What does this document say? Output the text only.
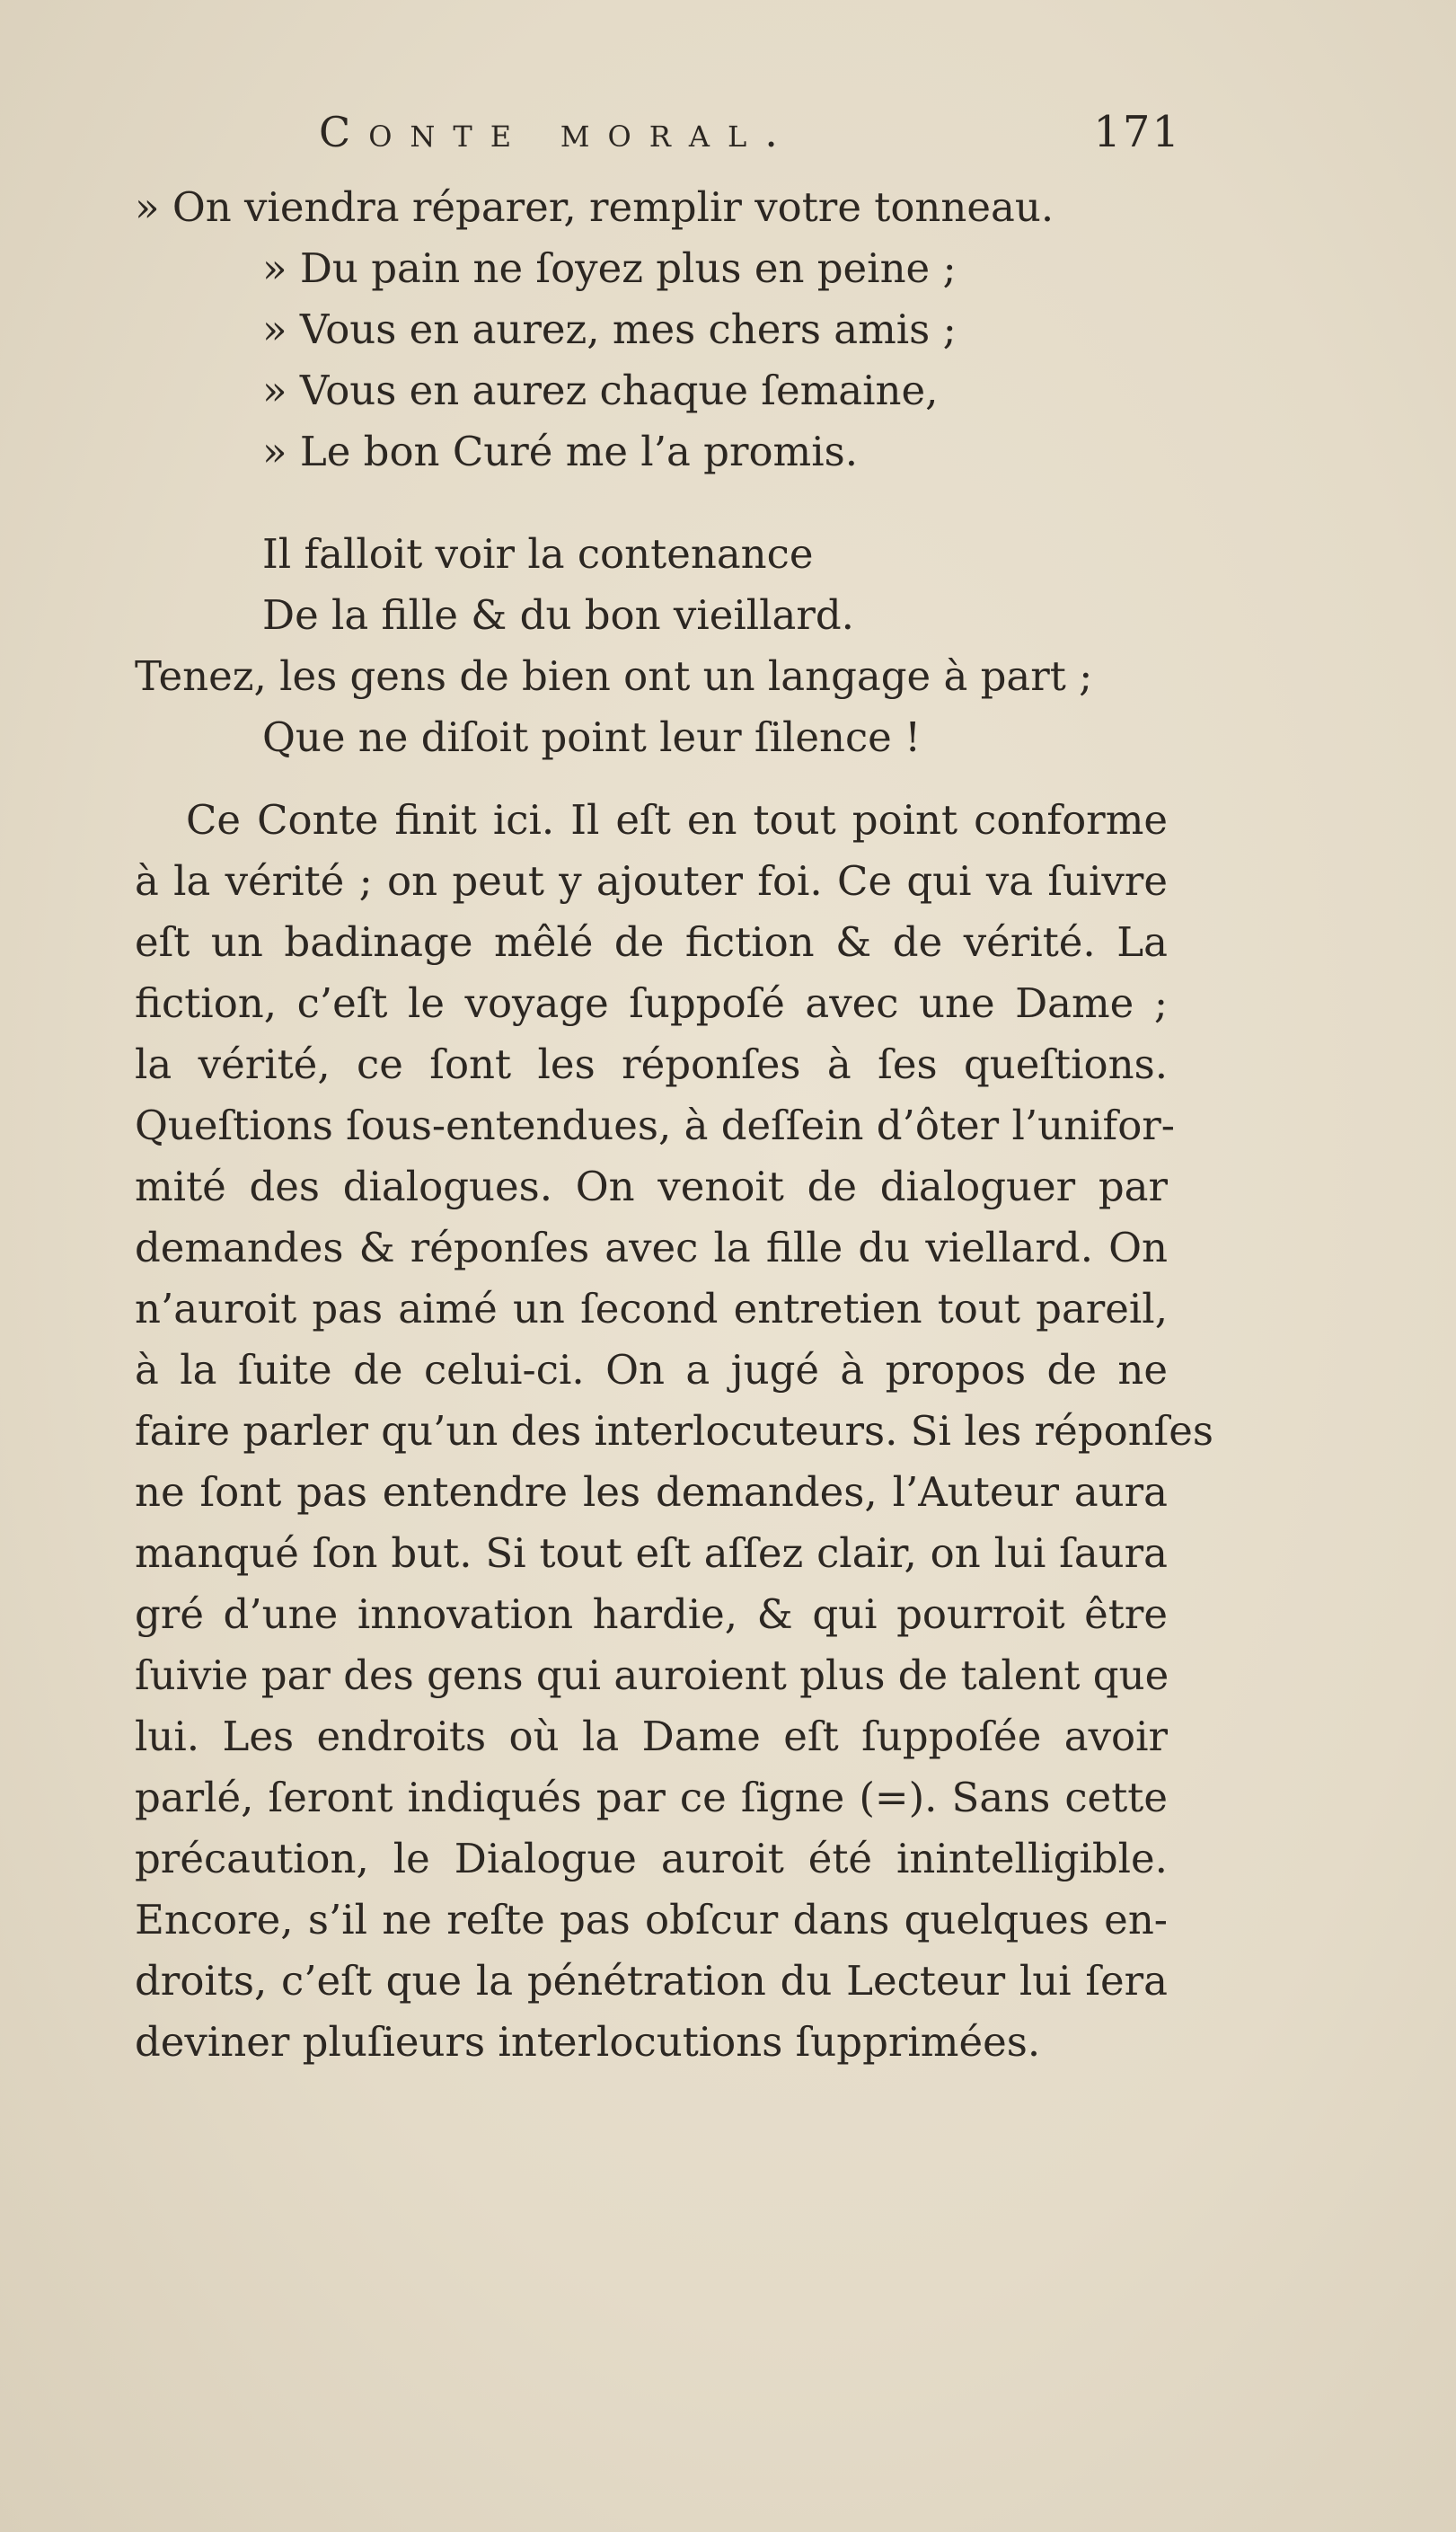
Conte moral.	171
» On viendra réparer, remplir votre tonneau.
» Du pain ne ſoyez plus en peine ;
» Vous en aurez, mes chers amis ;
» Vous en aurez chaque ſemaine,
» Le bon Curé me l’a promis.
Il falloit voir la contenance
De la fille & du bon vieillard.
Tenez, les gens de bien ont un langage à part ;
Que ne diſoit point leur ſilence !
Ce Conte finit ici. Il eſt en tout point conforme
à la vérité ; on peut y ajouter foi. Ce qui va ſuivre
eſt un badinage mêlé de fiction & de vérité. La
fiction, c’eſt le voyage ſuppoſé avec une Dame ;
la vérité, ce ſont les réponſes à ſes queſtions.
Queſtions ſous-entendues, à deſſein d’ôter l’unifor-
mité des dialogues. On venoit de dialoguer par
demandes & réponſes avec la fille du viellard. On
n’auroit pas aimé un ſecond entretien tout pareil,
à la ſuite de celui-ci. On a jugé à propos de ne
faire parler qu’un des interlocuteurs. Si les réponſes
ne ſont pas entendre les demandes, l’Auteur aura
manqué ſon but. Si tout eſt aſſez clair, on lui ſaura
gré d’une innovation hardie, & qui pourroit être
ſuivie par des gens qui auroient plus de talent que
lui. Les endroits où la Dame eſt ſuppoſée avoir
parlé, ſeront indiqués par ce ſigne (=). Sans cette
précaution, le Dialogue auroit été inintelligible.
Encore, s’il ne reſte pas obſcur dans quelques en-
droits, c’eſt que la pénétration du Lecteur lui ſera
deviner pluſieurs interlocutions ſupprimées.
